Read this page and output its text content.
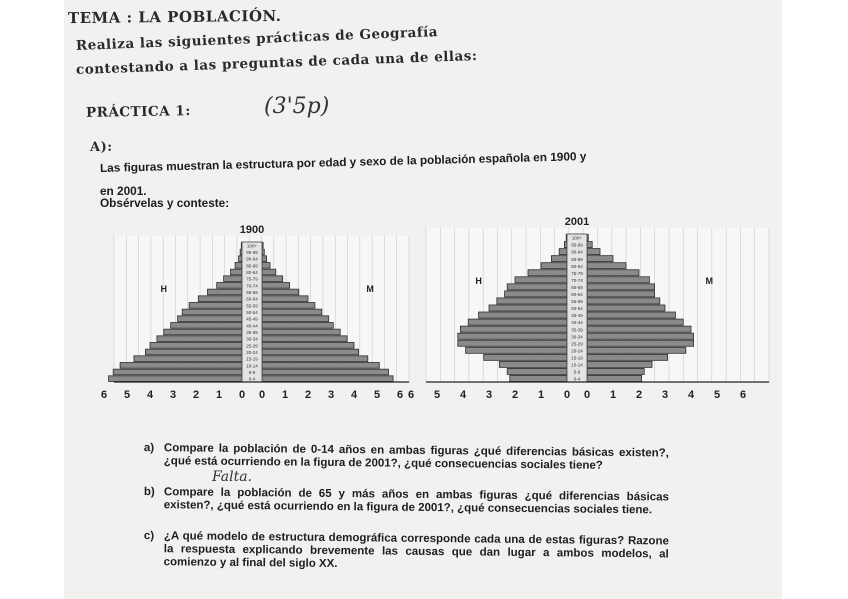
TEMA : LA POBLACIÓN.
Realiza las siguientes prácticas de Geografía
contestando a las preguntas de cada una de ellas:
PRÁCTICA 1:	(3'5p)
A):
Las figuras muestran la estructura por edad y sexo de la población española en 1900 y
en 2001.
Obsérvelas y conteste:
0-4
5-9
10-14
15-19
20-24
25-29
30-34
35-39
40-44
45-49
50-54
55-59
60-64
65-69
70-74
75-79
80-84
85-89
90-94
95-99
100+
6 5 4 3 2 1 0 0 1 2 3 4 5 6
1900
H	M
0-4
5-9
10-14
15-19
20-24
25-29
30-34
35-39
40-44
45-49
50-54
55-59
60-64
65-69
70-74
75-79
80-84
85-89
90-94
95-99
100+
6 5 4 3 2 1 0 0 1 2 3 4 5 6
2001
H	M
a) Compare la población de 0-14 años en ambas figuras ¿qué diferencias básicas existen?, ¿qué está ocurriendo en la figura de 2001?, ¿qué consecuencias sociales tiene?
Falta.
b) Compare la población de 65 y más años en ambas figuras ¿qué diferencias básicas existen?, ¿qué está ocurriendo en la figura de 2001?, ¿qué consecuencias sociales tiene.
c) ¿A qué modelo de estructura demográfica corresponde cada una de estas figuras? Razone la respuesta explicando brevemente las causas que dan lugar a ambos modelos, al comienzo y al final del siglo XX.
